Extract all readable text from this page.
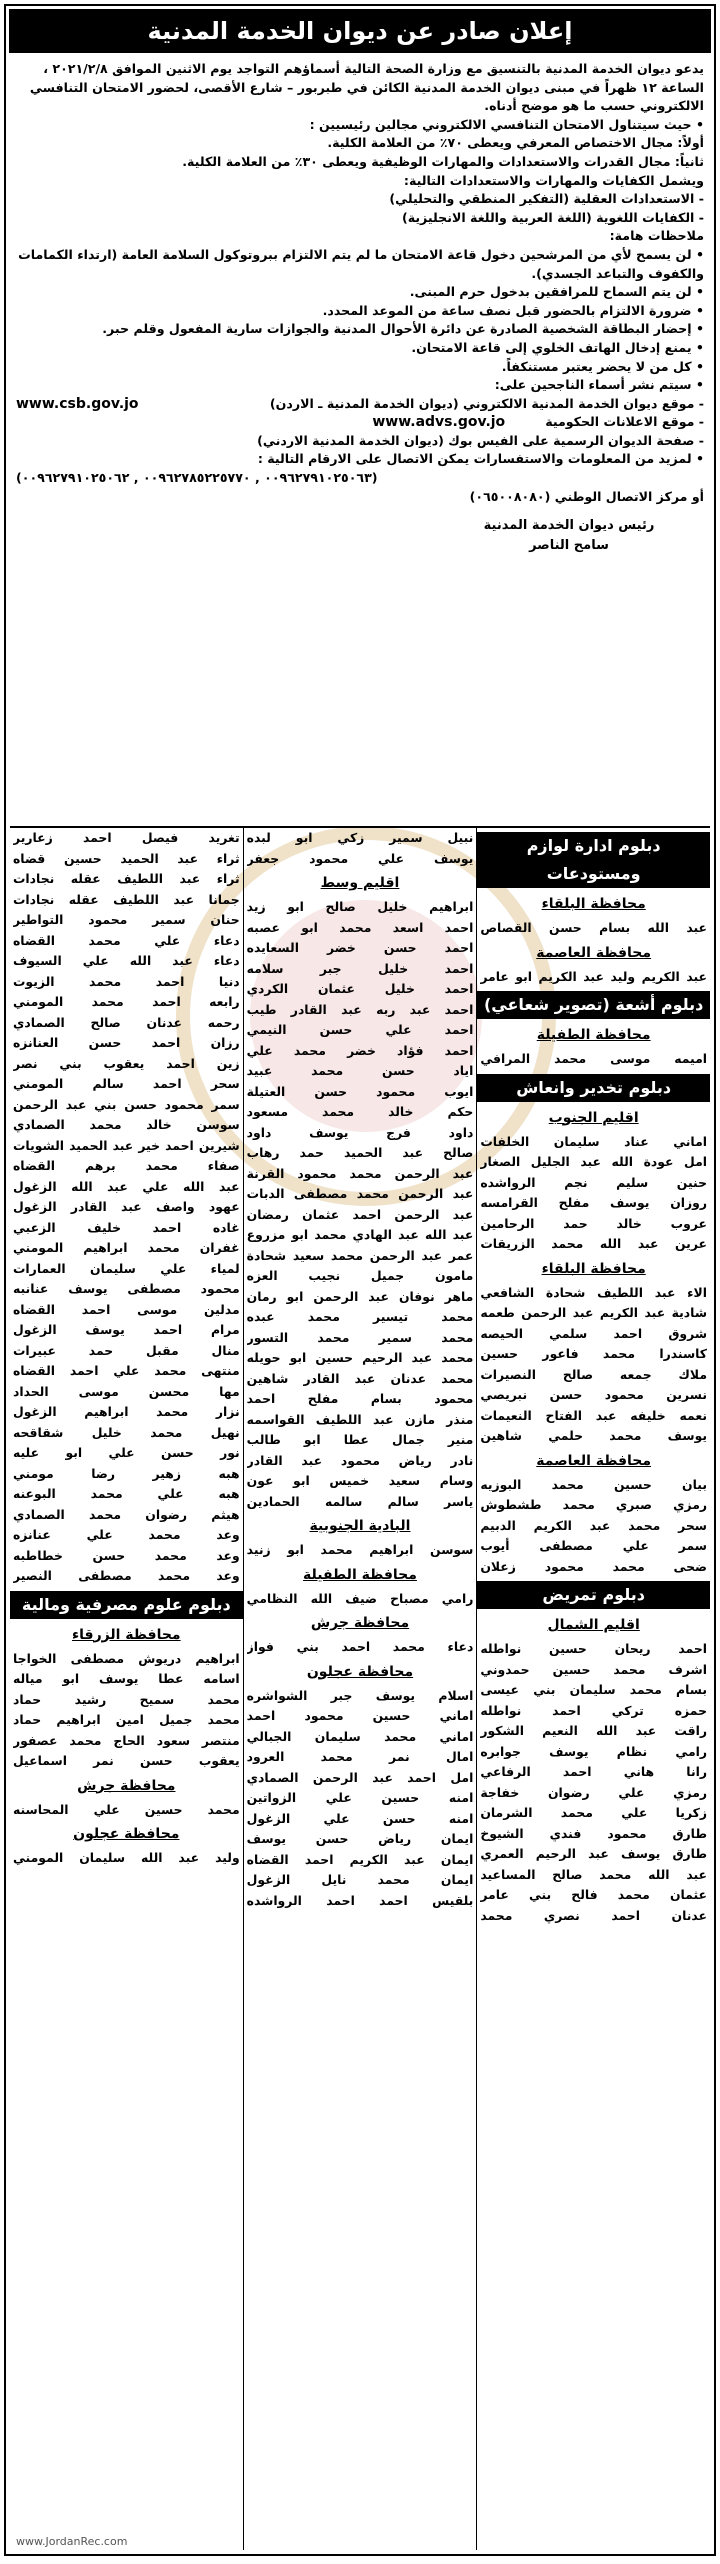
إعلان صادر عن ديوان الخدمة المدنية

يدعو ديوان الخدمة المدنية بالتنسيق مع وزارة الصحة التالية أسماؤهم التواجد يوم الاثنين الموافق ٢٠٢١/٢/٨ ، الساعة ١٢ ظهراً في مبنى ديوان الخدمة المدنية الكائن في طبربور – شارع الأقصى، لحضور الامتحان التنافسي الالكتروني حسب ما هو موضح أدناه.

• حيث سيتناول الامتحان التنافسي الالكتروني مجالين رئيسيين :

أولاً: مجال الاختصاص المعرفي ويعطى ٧٠٪ من العلامة الكلية.

ثانياً: مجال القدرات والاستعدادات والمهارات الوظيفية ويعطى ٣٠٪ من العلامة الكلية.

ويشمل الكفايات والمهارات والاستعدادات التالية:

- الاستعدادات العقلية (التفكير المنطقي والتحليلي)

- الكفايات اللغوية (اللغة العربية واللغة الانجليزية)

ملاحظات هامة:

• لن يسمح لأي من المرشحين دخول قاعة الامتحان ما لم يتم الالتزام ببروتوكول السلامة العامة (ارتداء الكمامات والكفوف والتباعد الجسدي).

• لن يتم السماح للمرافقين بدخول حرم المبنى.

• ضرورة الالتزام بالحضور قبل نصف ساعة من الموعد المحدد.

• إحضار البطاقة الشخصية الصادرة عن دائرة الأحوال المدنية والجوازات سارية المفعول وقلم حبر.

• يمنع إدخال الهاتف الخلوي إلى قاعة الامتحان.

• كل من لا يحضر يعتبر مستنكفاً.

• سيتم نشر أسماء الناجحين على:

- موقع ديوان الخدمة المدنية الالكتروني (ديوان الخدمة المدنية ـ الاردن)
www.csb.gov.jo
- موقع الاعلانات الحكومية
www.advs.gov.jo

- صفحة الديوان الرسمية على الفيس بوك (ديوان الخدمة المدنية الاردني)

• لمزيد من المعلومات والاستفسارات يمكن الاتصال على الارقام التالية :

(٠٠٩٦٢٧٩١٠٢٥٠٦٣ , ٠٠٩٦٢٧٨٥٢٢٥٧٧٠ , ٠٠٩٦٢٧٩١٠٢٥٠٦٢)

أو مركز الاتصال الوطني (٠٦٥٠٠٨٠٨٠)

رئيس ديوان الخدمة المدنية
سامح الناصر
دبلوم ادارة لوازم ومستودعات
محافظة البلقاء
عبد الله بسام حسن القصاص
محافظة العاصمة
عبد الكريم وليد عبد الكريم ابو عامر
دبلوم أشعة (تصوير شعاعي)
محافظة الطفيلة
اميمه موسى محمد المرافي
دبلوم تخدير وانعاش
اقليم الجنوب
اماني عناد سليمان الخلفات
امل عودة الله عبد الجليل الصغار
حنين سليم نجم الرواشده
روزان يوسف مفلح القرامسه
عروب خالد حمد الرحامين
عرين عبد الله محمد الزريقات
محافظة البلقاء
الاء عبد اللطيف شحادة الشافعي
شادية عبد الكريم عبد الرحمن طعمه
شروق احمد سلمي الحيصه
كاسندرا محمد فاعور حسين
ملاك جمعه صالح النصيرات
نسرين محمود حسن نبريصي
نعمه خليفه عبد الفتاح النعيمات
يوسف محمد حلمي شاهين
محافظة العاصمة
بيان حسين محمد البوزيه
رمزي صبري محمد طشطوش
سحر محمد عبد الكريم الدبيم
سمر علي مصطفى أيوب
ضحى محمد محمود زعلان
دبلوم تمريض
اقليم الشمال
احمد ريحان حسين نواطله
اشرف محمد حسين حمدوني
بسام محمد سليمان بني عيسى
حمزه تركي احمد نواطله
راقت عبد الله النعيم الشكور
رامي نظام يوسف جوابره
رانا هاني احمد الرفاعي
رمزي علي رضوان خفاجة
زكريا علي محمد الشرمان
طارق محمود فندي الشيوخ
طارق يوسف عبد الرحيم العمري
عبد الله محمد صالح المساعيد
عثمان محمد فالح بني عامر
عدنان احمد نصري محمد
نبيل سمير زكي ابو لبده
يوسف علي محمود جعفر
اقليم وسط
ابراهيم خليل صالح ابو زيد
احمد اسعد محمد ابو عصبه
احمد حسن خضر السعايده
احمد خليل جبر سلامه
احمد خليل عثمان الكردي
احمد عبد ربه عبد القادر طيب
احمد علي حسن النيمي
احمد فؤاد خضر محمد علي
اياد حسن محمد عبيد
ايوب محمود حسن العتيلة
حكم خالد محمد مسعود
داود فرج يوسف داود
صالح عبد الحميد حمد رهاب
عبد الرحمن محمد محمود القرنة
عبد الرحمن محمد مصطفى الدبات
عبد الرحمن احمد عثمان رمضان
عبد الله عبد الهادي محمد ابو مزروع
عمر عبد الرحمن محمد سعيد شحادة
مامون جميل نجيب العزه
ماهر نوفان عبد الرحمن ابو رمان
محمد تيسير محمد عبده
محمد سمير محمد التسور
محمد عبد الرحيم حسين ابو حويله
محمد عدنان عبد القادر شاهين
محمود بسام مفلح احمد
منذر مازن عبد اللطيف القواسمه
منير جمال عطا ابو طالب
نادر رياض محمود عبد القادر
وسام سعيد خميس ابو عون
ياسر سالم سالمه الحمادين
البادية الجنوبية
سوسن ابراهيم محمد ابو زنيد
محافظة الطفيلة
رامي مصباح ضيف الله النظامي
محافظة جرش
دعاء محمد احمد بني فواز
محافظة عجلون
اسلام يوسف جبر الشواشره
اماني حسين محمود احمد
اماني محمد سليمان الجبالي
امال نمر محمد العرود
امل احمد عبد الرحمن الصمادي
امنه حسين علي الزواتين
امنه حسن علي الزغول
ايمان رياض حسن يوسف
ايمان عبد الكريم احمد القضاه
ايمان محمد نايل الزغول
بلقيس احمد احمد الرواشده
تغريد فيصل احمد زعارير
ثراء عبد الحميد حسين قضاه
ثراء عبد اللطيف عقله نجادات
جمانا عبد اللطيف عقله نجادات
حنان سمير محمود التواطير
دعاء علي محمد القضاه
دعاء عبد الله علي السيوف
دنيا احمد محمد الزيوت
رابعه احمد محمد المومني
رحمه عدنان صالح الصمادي
رزان احمد حسن العنانزه
زين احمد يعقوب بني نصر
سحر احمد سالم المومني
سمر محمود حسن بني عبد الرحمن
سوسن خالد محمد الصمادي
شيرين احمد خير عبد الحميد الشويات
صفاء محمد برهم القضاه
عبد الله علي عبد الله الزغول
عهود واصف عبد القادر الزغول
غاده احمد خليف الزعبي
غفران محمد ابراهيم المومني
لمياء علي سليمان العمارات
محمود مصطفى يوسف عنانبه
مدلين موسى احمد القضاه
مرام احمد يوسف الزغول
منال مقبل حمد عبيرات
منتهى محمد علي احمد القضاه
مها محسن موسى الحداد
نزار محمد ابراهيم الزغول
نهيل محمد خليل شقاقحه
نور حسن علي ابو عليه
هبه زهير رضا مومني
هبه علي محمد البوعنه
هيثم رضوان محمد الصمادي
وعد محمد علي عنانزه
وعد محمد حسن خطاطبه
وعد محمد مصطفى النصير
دبلوم علوم مصرفية ومالية
محافظة الزرقاء
ابراهيم دريوش مصطفى الخواجا
اسامه عطا يوسف ابو مياله
محمد سميح رشيد حماد
محمد جميل امين ابراهيم حماد
منتصر سعود الحاج محمد عصفور
يعقوب حسن نمر اسماعيل
محافظة جرش
محمد حسين علي المحاسنه
محافظة عجلون
وليد عبد الله سليمان المومني
www.JordanRec.com
